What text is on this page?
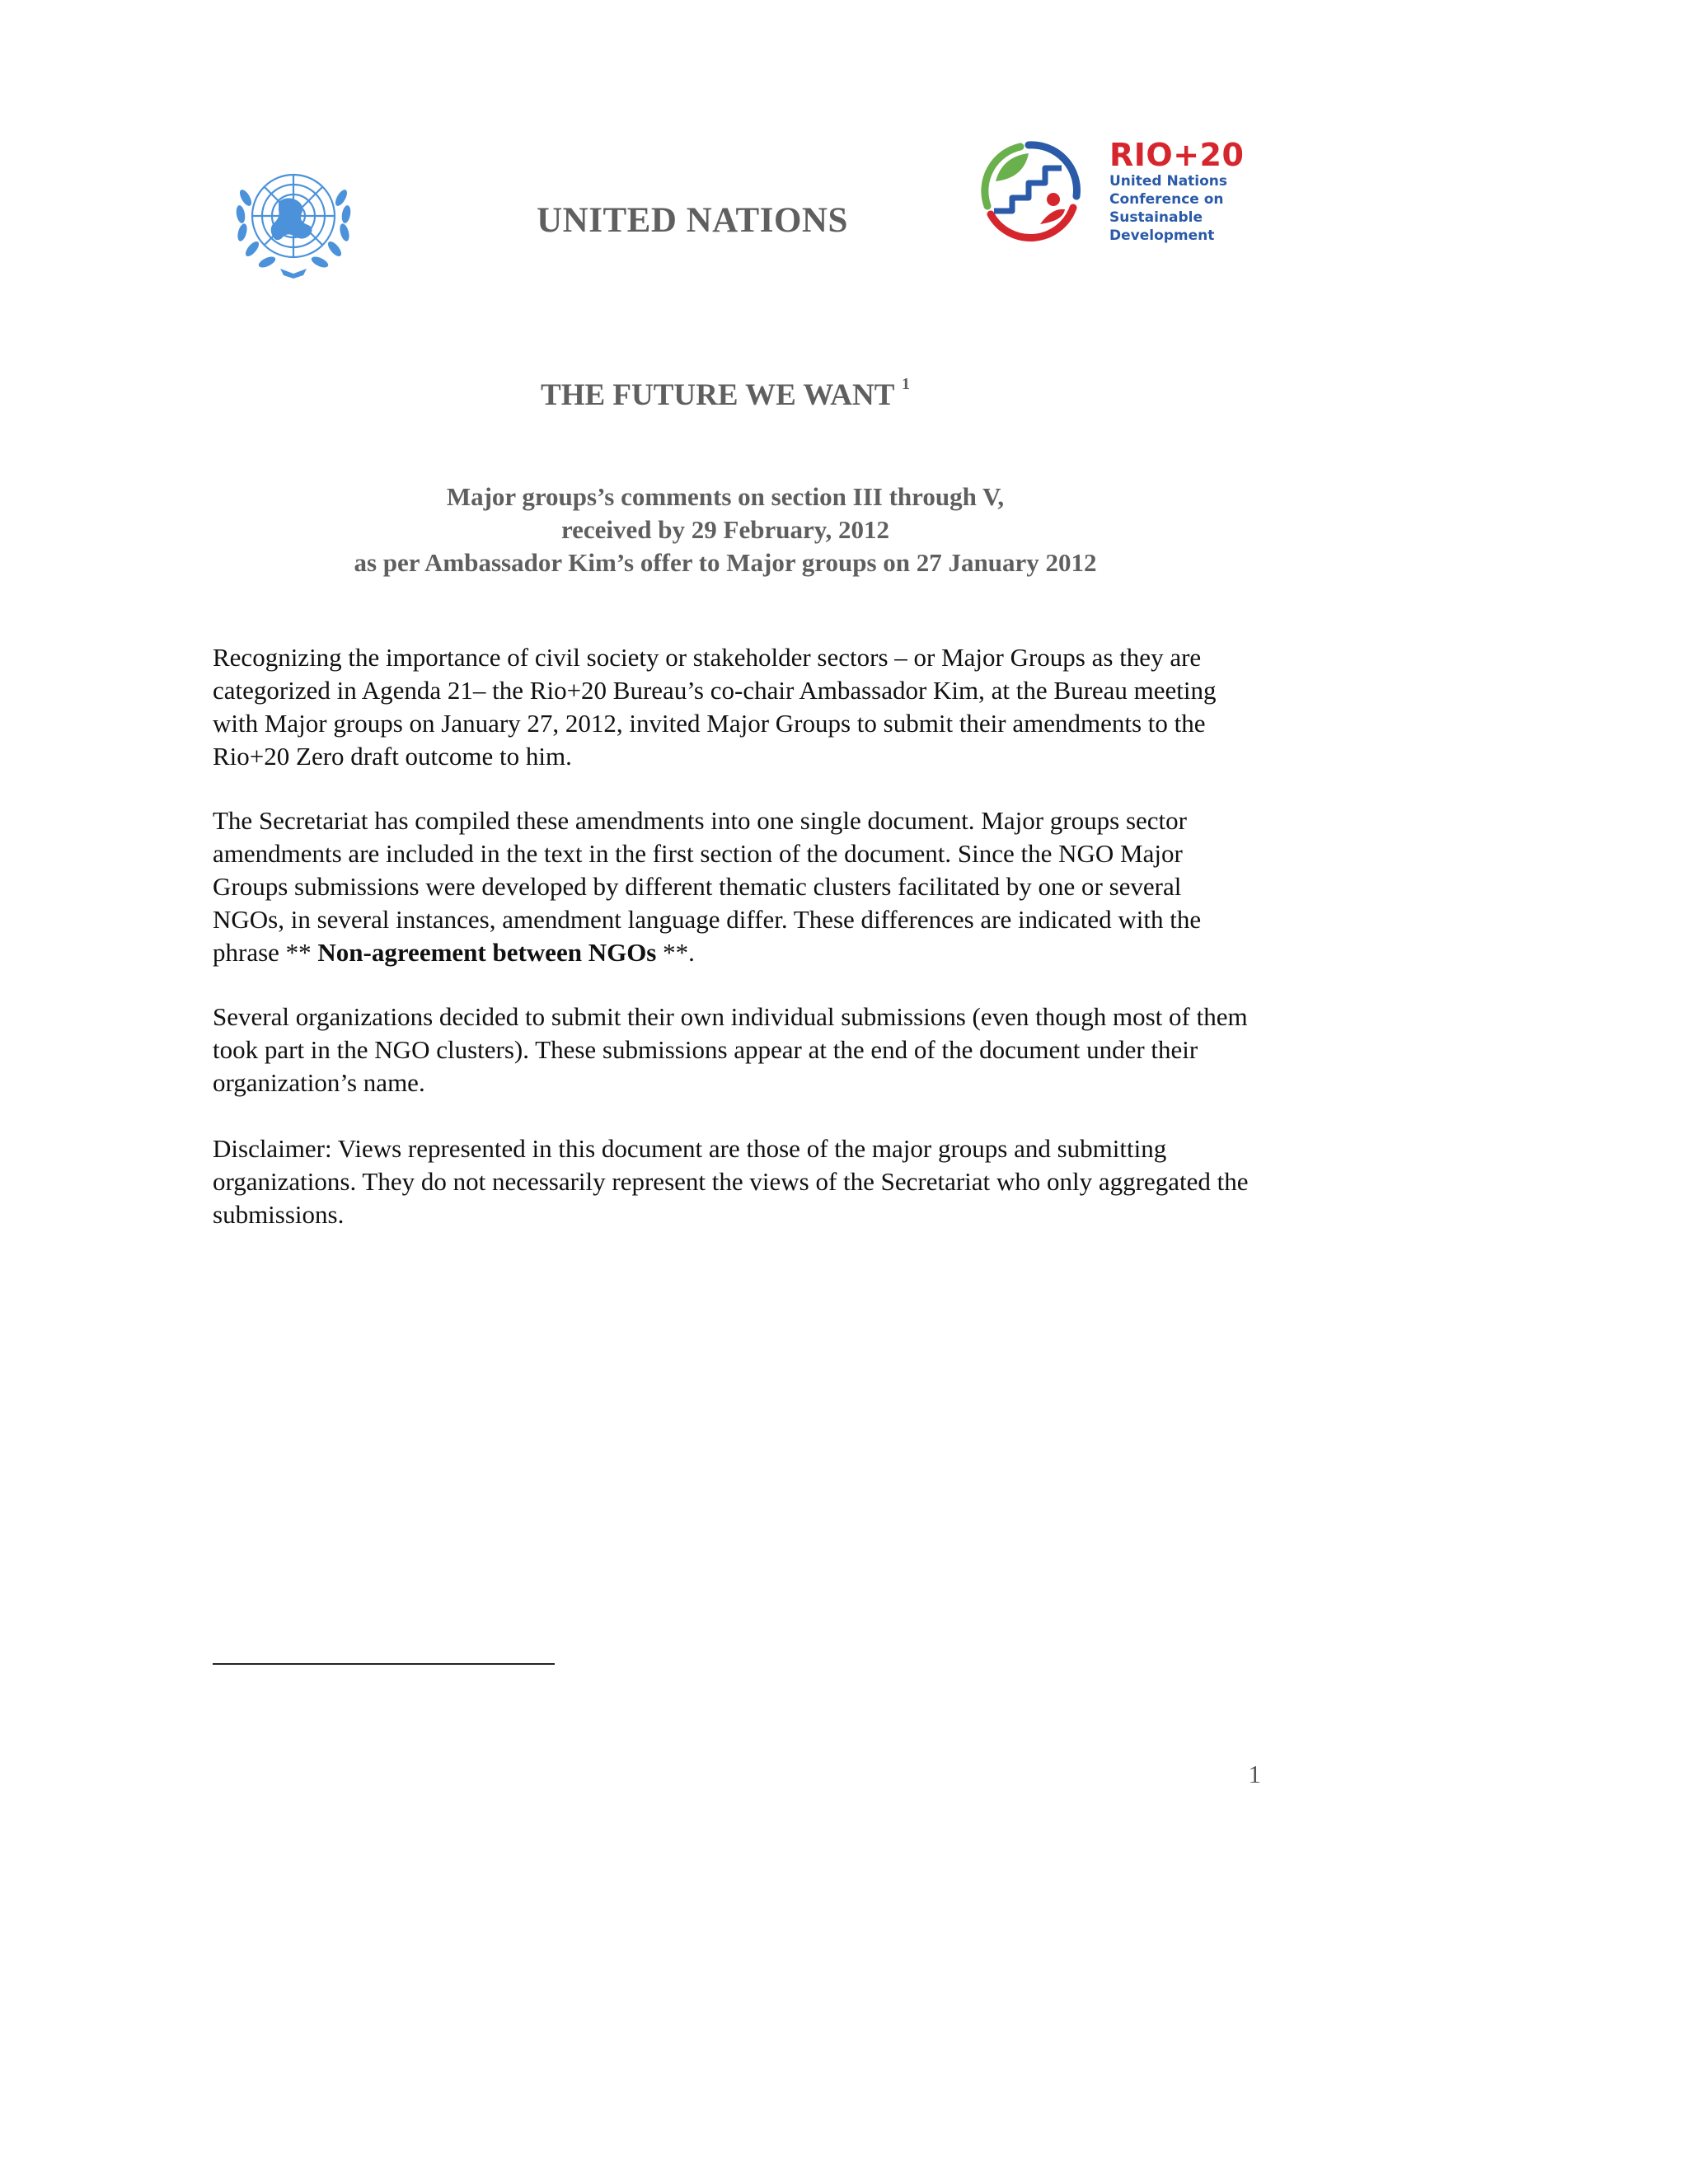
UNITED NATIONS
RIO+20
United Nations
Conference on
Sustainable
Development
THE FUTURE WE WANT $^1$
Major groups’s comments on section III through V,
received by 29 February, 2012
as per Ambassador Kim’s offer to Major groups on 27 January 2012
Recognizing the importance of civil society or stakeholder sectors – or Major Groups as they are categorized in Agenda 21– the Rio+20 Bureau’s co-chair Ambassador Kim, at the Bureau meeting with Major groups on January 27, 2012, invited Major Groups to submit their amendments to the Rio+20 Zero draft outcome to him.
The Secretariat has compiled these amendments into one single document. Major groups sector amendments are included in the text in the first section of the document. Since the NGO Major Groups submissions were developed by different thematic clusters facilitated by one or several NGOs, in several instances, amendment language differ. These differences are indicated with the phrase ** Non-agreement between NGOs **.
Several organizations decided to submit their own individual submissions (even though most of them took part in the NGO clusters). These submissions appear at the end of the document under their organization’s name.
Disclaimer: Views represented in this document are those of the major groups and submitting organizations. They do not necessarily represent the views of the Secretariat who only aggregated the submissions.
1
